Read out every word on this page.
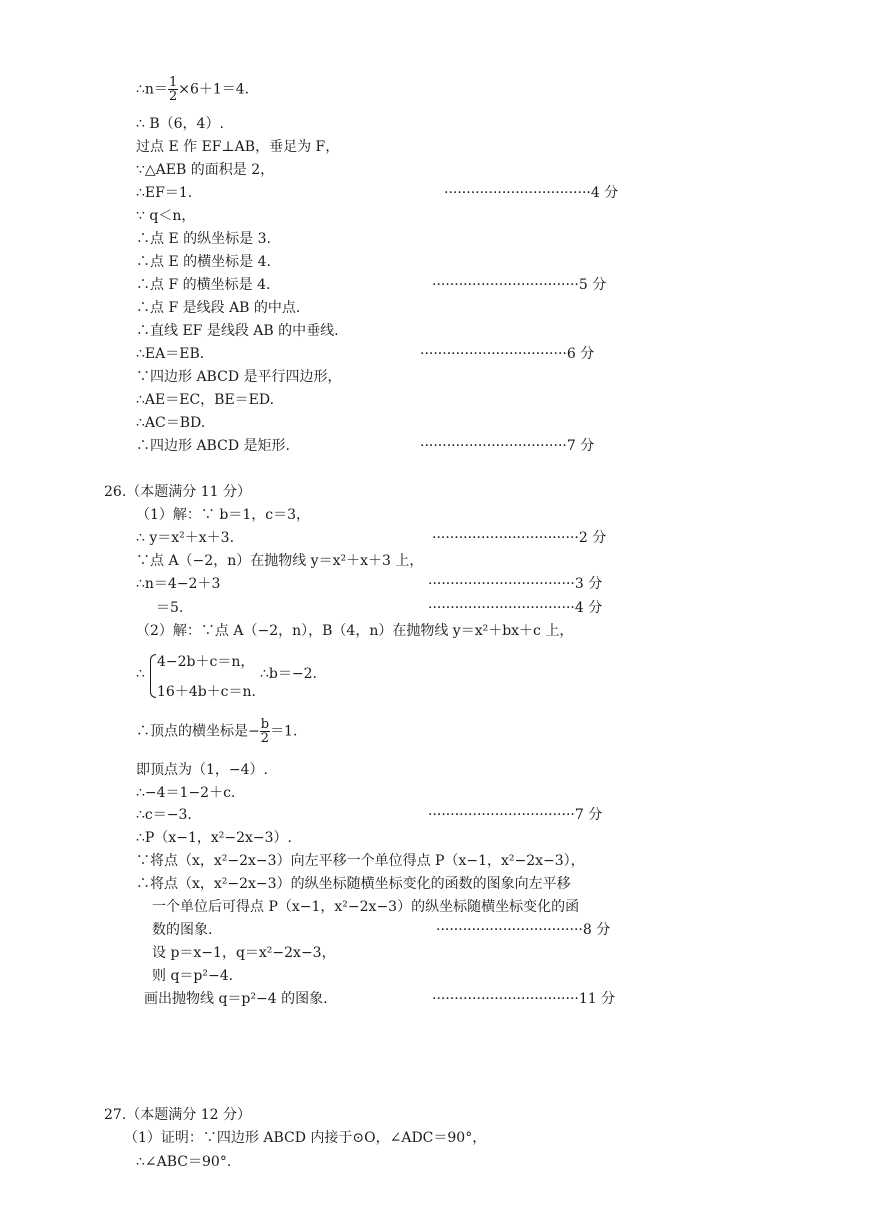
∴n＝ $\frac{1}{2} \times 6+1=4$.
∴ B（6，4）.
过点 E 作 EF⊥AB，垂足为 F，
∵△AEB 的面积是 2，
∴EF＝1.	·································4 分
∵ q＜n，
∴点 E 的纵坐标是 3.
∴点 E 的横坐标是 4.
∴点 F 的横坐标是 4.	·································5 分
∴点 F 是线段 AB 的中点.
∴直线 EF 是线段 AB 的中垂线.
∴EA＝EB.	·································6 分
∵四边形 ABCD 是平行四边形，
∴AE＝EC，BE＝ED.
∴AC＝BD.
∴四边形 ABCD 是矩形.	·································7 分
26.（本题满分 11 分）
（1）解：∵ b＝1，c＝3，
∴ y＝x²＋x＋3.	·································2 分
∵点 A（−2，n）在抛物线 y＝x²＋x＋3 上，
∴n＝4−2＋3	·································3 分
＝5.	·································4 分
（2）解：∵点 A（−2，n），B（4，n）在抛物线 y＝x²＋bx＋c 上，
∴
4−2b＋c＝n，
16＋4b＋c＝n.
∴b＝−2.
∴顶点的横坐标是− $\frac{b}{2} =1$.
即顶点为（1，−4）.
∴−4＝1−2＋c.
∴c＝−3.	·································7 分
∴P（x−1，x²−2x−3）.
∵将点（x，x²−2x−3）向左平移一个单位得点 P（x−1，x²−2x−3），
∴将点（x，x²−2x−3）的纵坐标随横坐标变化的函数的图象向左平移
一个单位后可得点 P（x−1，x²−2x−3）的纵坐标随横坐标变化的函
数的图象.	·································8 分
设 p＝x−1，q＝x²−2x−3，
则 q＝p²−4.
画出抛物线 q＝p²−4 的图象.	·································11 分
27.（本题满分 12 分）
（1）证明：∵四边形 ABCD 内接于⊙O，∠ADC＝90°，
∴∠ABC＝90°.
